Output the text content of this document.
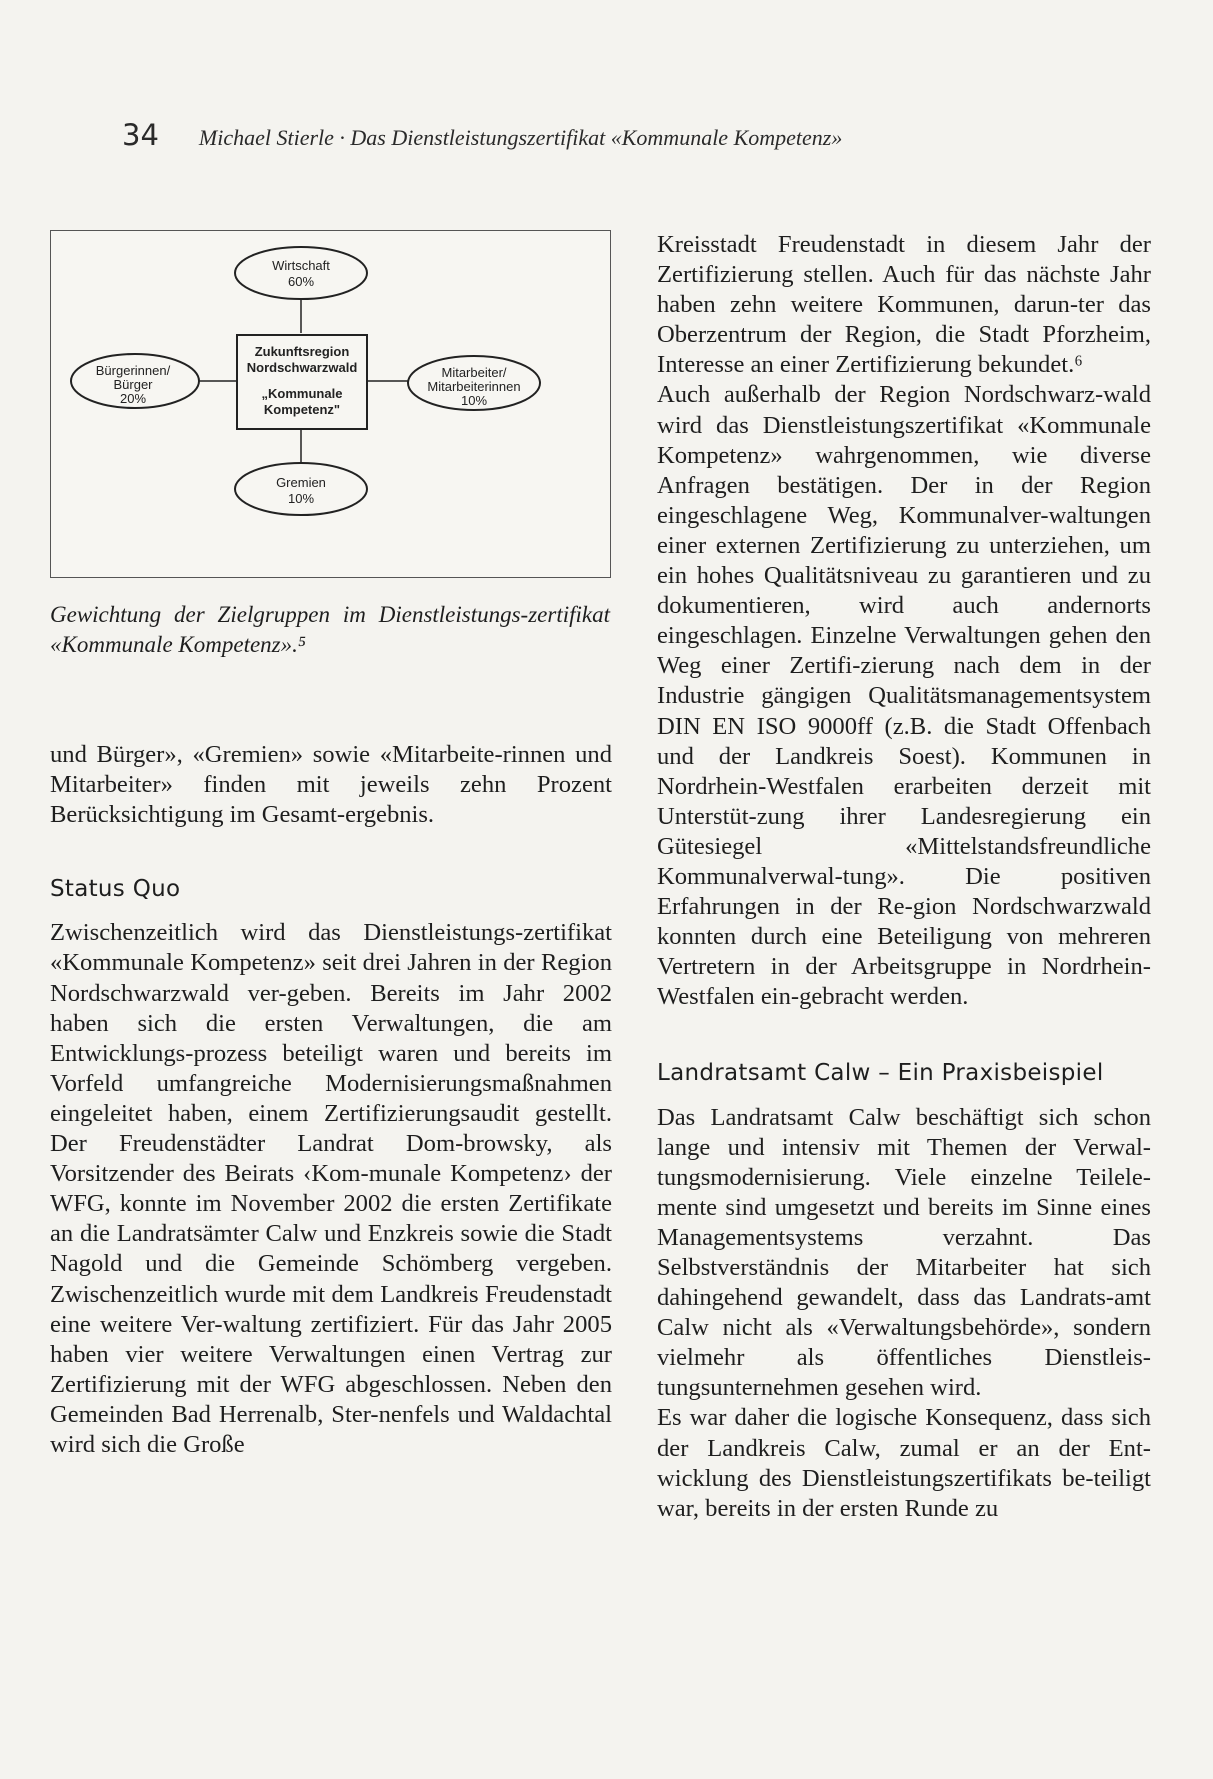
34 Michael Stierle · Das Dienstleistungszertifikat «Kommunale Kompetenz»
Zukunftsregion
Nordschwarzwald
„Kommunale
Kompetenz"
Wirtschaft
60%
Bürgerinnen/
Bürger
20%
Mitarbeiter/
Mitarbeiterinnen
10%
Gremien
10%

Gewichtung der Zielgruppen im Dienstleistungs-zertifikat «Kommunale Kompetenz».⁵

und Bürger», «Gremien» sowie «Mitarbeite-rinnen und Mitarbeiter» finden mit jeweils zehn Prozent Berücksichtigung im Gesamt-ergebnis.

Status Quo

Zwischenzeitlich wird das Dienstleistungs-zertifikat «Kommunale Kompetenz» seit drei Jahren in der Region Nordschwarzwald ver-geben. Bereits im Jahr 2002 haben sich die ersten Verwaltungen, die am Entwicklungs-prozess beteiligt waren und bereits im Vorfeld umfangreiche Modernisierungsmaßnahmen eingeleitet haben, einem Zertifizierungsaudit gestellt. Der Freudenstädter Landrat Dom-browsky, als Vorsitzender des Beirats ‹Kom-munale Kompetenz› der WFG, konnte im November 2002 die ersten Zertifikate an die Landratsämter Calw und Enzkreis sowie die Stadt Nagold und die Gemeinde Schömberg vergeben. Zwischenzeitlich wurde mit dem Landkreis Freudenstadt eine weitere Ver-waltung zertifiziert. Für das Jahr 2005 haben vier weitere Verwaltungen einen Vertrag zur Zertifizierung mit der WFG abgeschlossen. Neben den Gemeinden Bad Herrenalb, Ster-nenfels und Waldachtal wird sich die Große

Kreisstadt Freudenstadt in diesem Jahr der Zertifizierung stellen. Auch für das nächste Jahr haben zehn weitere Kommunen, darun-ter das Oberzentrum der Region, die Stadt Pforzheim, Interesse an einer Zertifizierung bekundet.⁶

Auch außerhalb der Region Nordschwarz-wald wird das Dienstleistungszertifikat «Kommunale Kompetenz» wahrgenommen, wie diverse Anfragen bestätigen. Der in der Region eingeschlagene Weg, Kommunalver-waltungen einer externen Zertifizierung zu unterziehen, um ein hohes Qualitätsniveau zu garantieren und zu dokumentieren, wird auch andernorts eingeschlagen. Einzelne Verwaltungen gehen den Weg einer Zertifi-zierung nach dem in der Industrie gängigen Qualitätsmanagementsystem DIN EN ISO 9000ff (z.B. die Stadt Offenbach und der Landkreis Soest). Kommunen in Nordrhein-Westfalen erarbeiten derzeit mit Unterstüt-zung ihrer Landesregierung ein Gütesiegel «Mittelstandsfreundliche Kommunalverwal-tung». Die positiven Erfahrungen in der Re-gion Nordschwarzwald konnten durch eine Beteiligung von mehreren Vertretern in der Arbeitsgruppe in Nordrhein-Westfalen ein-gebracht werden.

Landratsamt Calw – Ein Praxisbeispiel

Das Landratsamt Calw beschäftigt sich schon lange und intensiv mit Themen der Verwal-tungsmodernisierung. Viele einzelne Teilele-mente sind umgesetzt und bereits im Sinne eines Managementsystems verzahnt. Das Selbstverständnis der Mitarbeiter hat sich dahingehend gewandelt, dass das Landrats-amt Calw nicht als «Verwaltungsbehörde», sondern vielmehr als öffentliches Dienstleis-tungsunternehmen gesehen wird.

Es war daher die logische Konsequenz, dass sich der Landkreis Calw, zumal er an der Ent-wicklung des Dienstleistungszertifikats be-teiligt war, bereits in der ersten Runde zu
